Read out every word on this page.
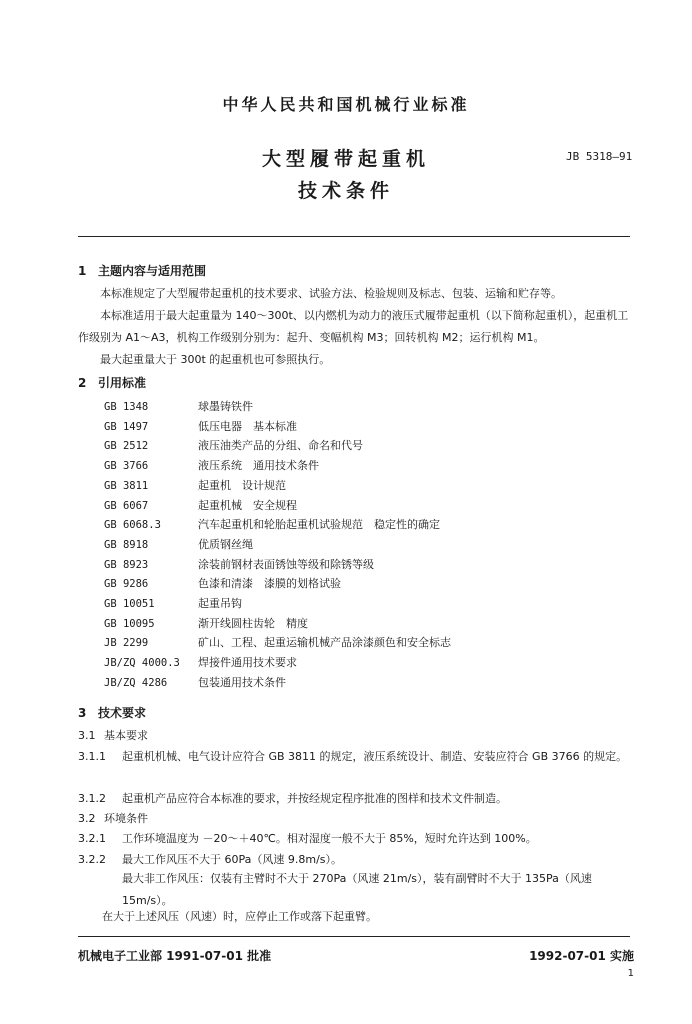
中华人民共和国机械行业标准
大型履带起重机
技术条件
JB 5318—91
1 主题内容与适用范围
本标准规定了大型履带起重机的技术要求、试验方法、检验规则及标志、包装、运输和贮存等。
本标准适用于最大起重量为 140～300t、以内燃机为动力的液压式履带起重机（以下简称起重机），起重机工作级别为 A1～A3，机构工作级别分别为：起升、变幅机构 M3；回转机构 M2；运行机构 M1。
最大起重量大于 300t 的起重机也可参照执行。
2 引用标准
GB 1348	球墨铸铁件
GB 1497	低压电器　基本标准
GB 2512	液压油类产品的分组、命名和代号
GB 3766	液压系统　通用技术条件
GB 3811	起重机　设计规范
GB 6067	起重机械　安全规程
GB 6068.3	汽车起重机和轮胎起重机试验规范　稳定性的确定
GB 8918	优质钢丝绳
GB 8923	涂装前钢材表面锈蚀等级和除锈等级
GB 9286	色漆和清漆　漆膜的划格试验
GB 10051	起重吊钩
GB 10095	渐开线圆柱齿轮　精度
JB 2299	矿山、工程、起重运输机械产品涂漆颜色和安全标志
JB/ZQ 4000.3 焊接件通用技术要求
JB/ZQ 4286	包装通用技术条件
3 技术要求
3.1 基本要求
3.1.1 起重机机械、电气设计应符合 GB 3811 的规定，液压系统设计、制造、安装应符合 GB 3766 的规定。
3.1.2 起重机产品应符合本标准的要求，并按经规定程序批准的图样和技术文件制造。
3.2 环境条件
3.2.1 工作环境温度为 －20～＋40℃。相对湿度一般不大于 85%，短时允许达到 100%。
3.2.2 最大工作风压不大于 60Pa（风速 9.8m/s）。
最大非工作风压：仅装有主臂时不大于 270Pa（风速 21m/s），装有副臂时不大于 135Pa（风速 15m/s）。
在大于上述风压（风速）时，应停止工作或落下起重臂。
机械电子工业部 1991-07-01 批准	1992-07-01 实施
1
